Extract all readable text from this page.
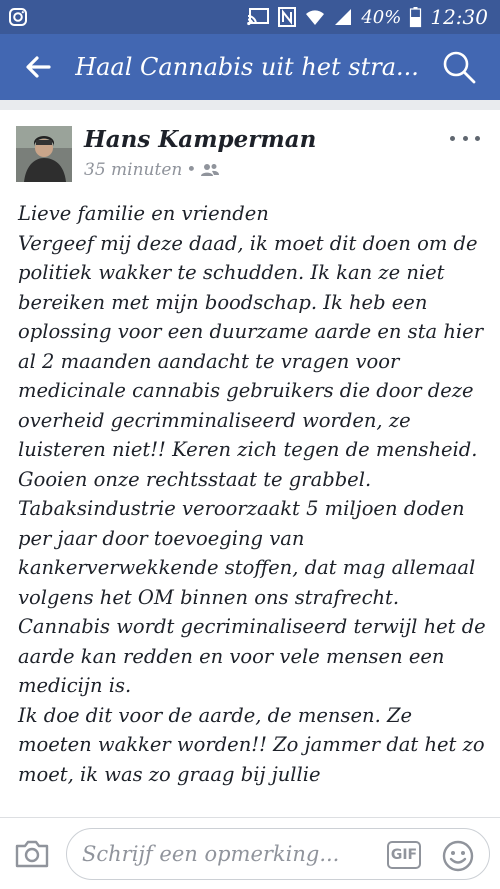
40% 12:30
Haal Cannabis uit het stra...
Hans Kamperman
35 minuten •
Lieve familie en vrienden
Vergeef mij deze daad, ik moet dit doen om de politiek wakker te schudden. Ik kan ze niet bereiken met mijn boodschap. Ik heb een oplossing voor een duurzame aarde en sta hier al 2 maanden aandacht te vragen voor medicinale cannabis gebruikers die door deze overheid gecrimminaliseerd worden, ze luisteren niet!! Keren zich tegen de mensheid. Gooien onze rechtsstaat te grabbel. Tabaksindustrie veroorzaakt 5 miljoen doden per jaar door toevoeging van kankerverwekkende stoffen, dat mag allemaal volgens het OM binnen ons strafrecht. Cannabis wordt gecriminaliseerd terwijl het de aarde kan redden en voor vele mensen een medicijn is.
Ik doe dit voor de aarde, de mensen. Ze moeten wakker worden!! Zo jammer dat het zo moet, ik was zo graag bij jullie
Schrijf een opmerking...	GIF
